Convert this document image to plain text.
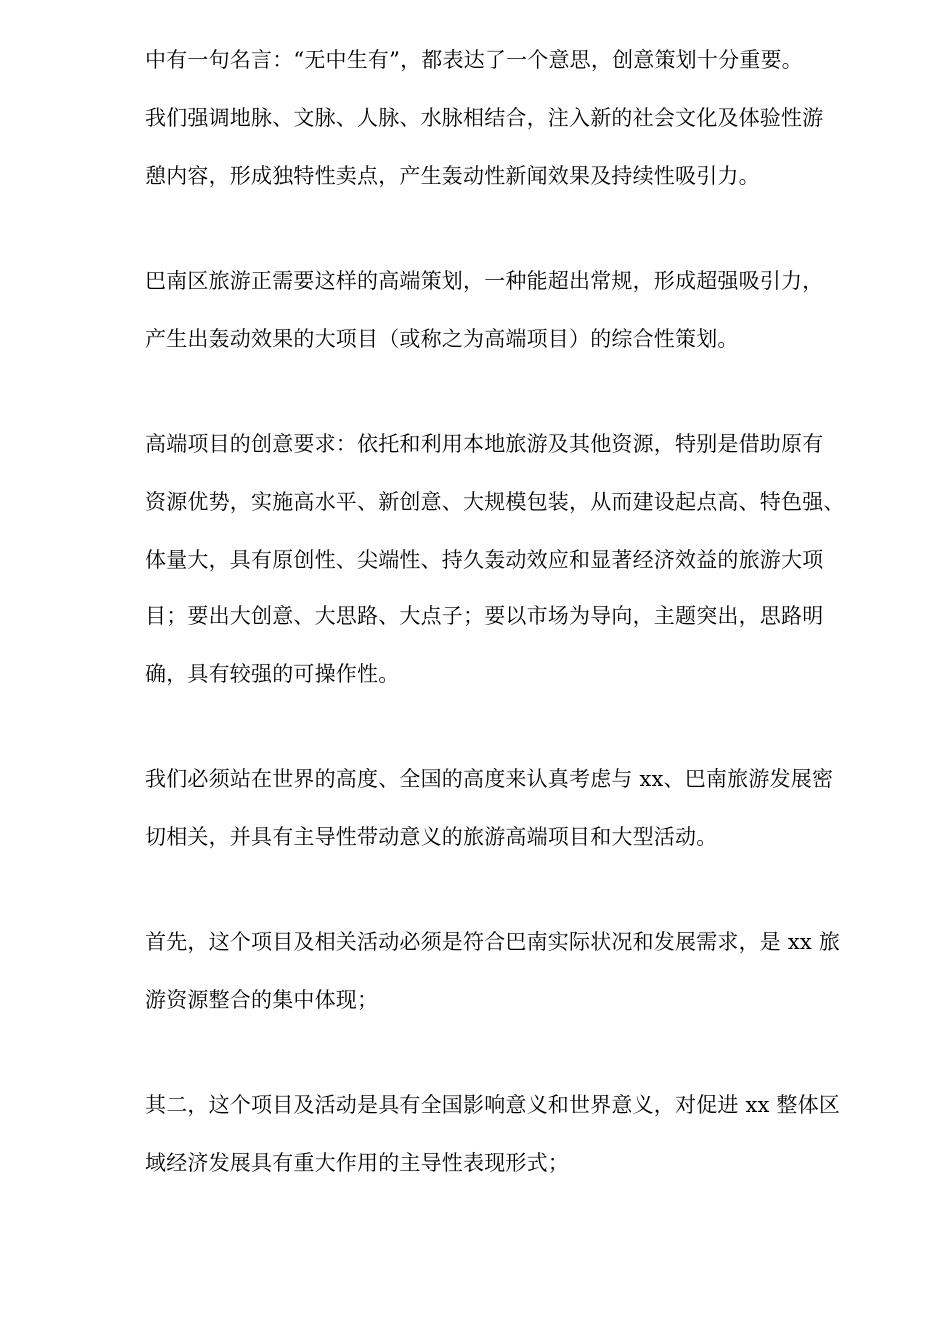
中有一句名言：“无中生有”，都表达了一个意思，创意策划十分重要。
我们强调地脉、文脉、人脉、水脉相结合，注入新的社会文化及体验性游
憩内容，形成独特性卖点，产生轰动性新闻效果及持续性吸引力。
巴南区旅游正需要这样的高端策划，一种能超出常规，形成超强吸引力，
产生出轰动效果的大项目（或称之为高端项目）的综合性策划。
高端项目的创意要求：依托和利用本地旅游及其他资源，特别是借助原有
资源优势，实施高水平、新创意、大规模包装，从而建设起点高、特色强、
体量大，具有原创性、尖端性、持久轰动效应和显著经济效益的旅游大项
目；要出大创意、大思路、大点子；要以市场为导向，主题突出，思路明
确，具有较强的可操作性。
我们必须站在世界的高度、全国的高度来认真考虑与 xx、巴南旅游发展密
切相关，并具有主导性带动意义的旅游高端项目和大型活动。
首先，这个项目及相关活动必须是符合巴南实际状况和发展需求，是 xx 旅
游资源整合的集中体现；
其二，这个项目及活动是具有全国影响意义和世界意义，对促进 xx 整体区
域经济发展具有重大作用的主导性表现形式；
